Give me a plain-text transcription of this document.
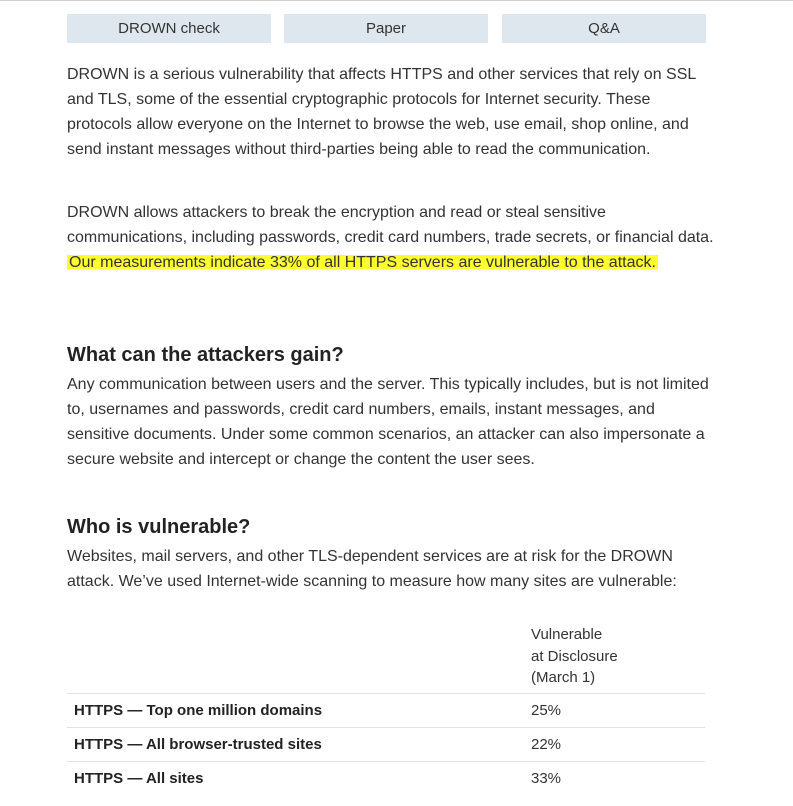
DROWN check	Paper	Q&A

DROWN is a serious vulnerability that affects HTTPS and other services that rely on SSL and TLS, some of the essential cryptographic protocols for Internet security. These protocols allow everyone on the Internet to browse the web, use email, shop online, and send instant messages without third-parties being able to read the communication.

DROWN allows attackers to break the encryption and read or steal sensitive communications, including passwords, credit card numbers, trade secrets, or financial data. Our measurements indicate 33% of all HTTPS servers are vulnerable to the attack.

What can the attackers gain?

Any communication between users and the server. This typically includes, but is not limited to, usernames and passwords, credit card numbers, emails, instant messages, and sensitive documents. Under some common scenarios, an attacker can also impersonate a secure website and intercept or change the content the user sees.

Who is vulnerable?

Websites, mail servers, and other TLS-dependent services are at risk for the DROWN attack. We’ve used Internet-wide scanning to measure how many sites are vulnerable:

Vulnerable
at Disclosure
(March 1)
HTTPS — Top one million domains	25%
HTTPS — All browser-trusted sites	22%
HTTPS — All sites	33%
